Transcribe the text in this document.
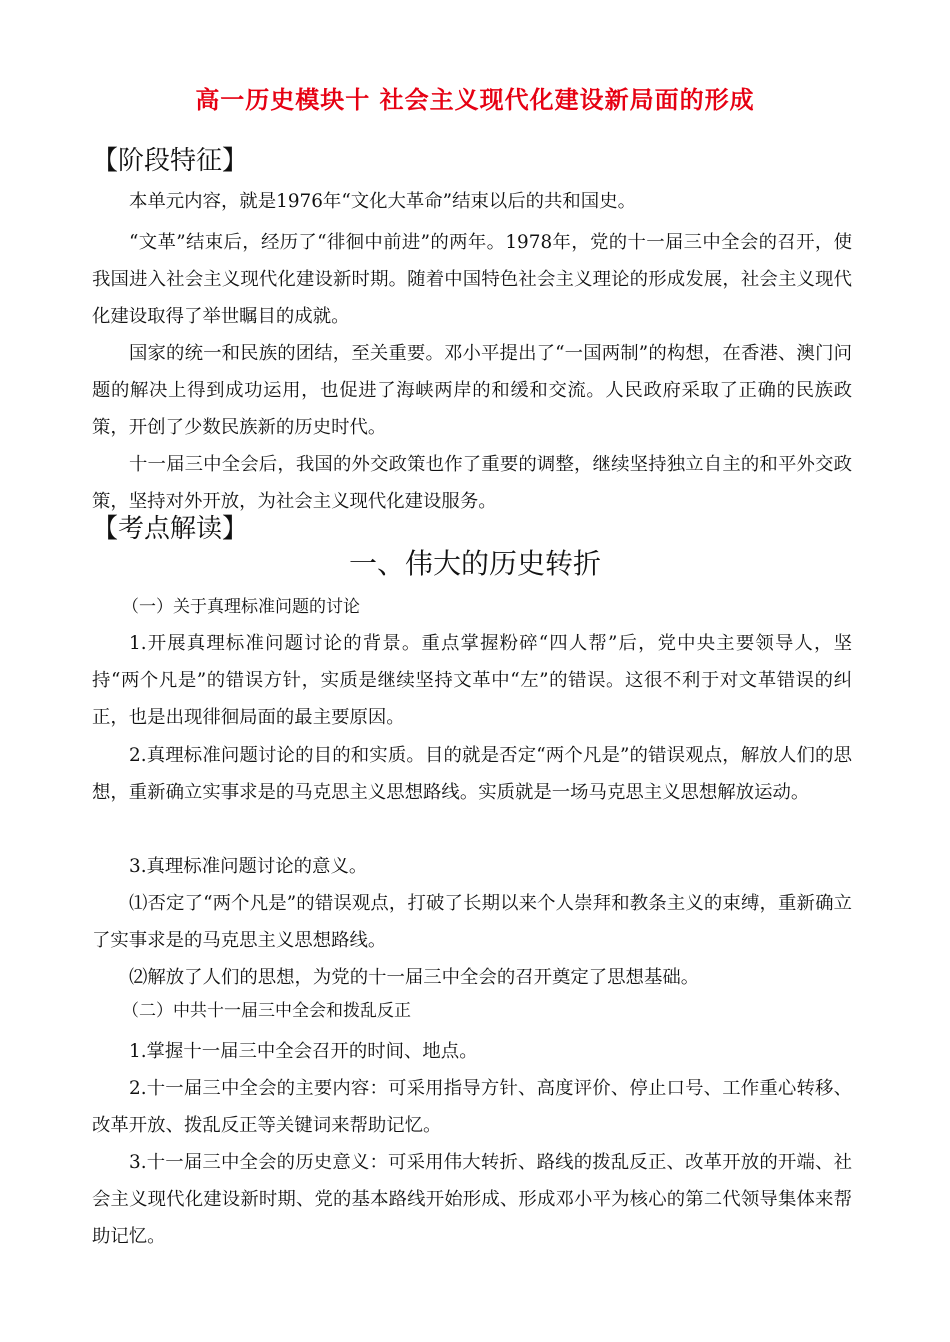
高一历史模块十 社会主义现代化建设新局面的形成
【阶段特征】

本单元内容，就是1976年“文化大革命”结束以后的共和国史。

“文革”结束后，经历了“徘徊中前进”的两年。1978年，党的十一届三中全会的召开，使我国进入社会主义现代化建设新时期。随着中国特色社会主义理论的形成发展，社会主义现代化建设取得了举世瞩目的成就。

国家的统一和民族的团结，至关重要。邓小平提出了“一国两制”的构想，在香港、澳门问题的解决上得到成功运用，也促进了海峡两岸的和缓和交流。人民政府采取了正确的民族政策，开创了少数民族新的历史时代。

十一届三中全会后，我国的外交政策也作了重要的调整，继续坚持独立自主的和平外交政策，坚持对外开放，为社会主义现代化建设服务。

【考点解读】
一、伟大的历史转折
（一）关于真理标准问题的讨论

1.开展真理标准问题讨论的背景。重点掌握粉碎“四人帮”后，党中央主要领导人，坚持“两个凡是”的错误方针，实质是继续坚持文革中“左”的错误。这很不利于对文革错误的纠正，也是出现徘徊局面的最主要原因。

2.真理标准问题讨论的目的和实质。目的就是否定“两个凡是”的错误观点，解放人们的思想，重新确立实事求是的马克思主义思想路线。实质就是一场马克思主义思想解放运动。

3.真理标准问题讨论的意义。

⑴否定了“两个凡是”的错误观点，打破了长期以来个人崇拜和教条主义的束缚，重新确立了实事求是的马克思主义思想路线。

⑵解放了人们的思想，为党的十一届三中全会的召开奠定了思想基础。

（二）中共十一届三中全会和拨乱反正

1.掌握十一届三中全会召开的时间、地点。

2.十一届三中全会的主要内容：可采用指导方针、高度评价、停止口号、工作重心转移、改革开放、拨乱反正等关键词来帮助记忆。

3.十一届三中全会的历史意义：可采用伟大转折、路线的拨乱反正、改革开放的开端、社会主义现代化建设新时期、党的基本路线开始形成、形成邓小平为核心的第二代领导集体来帮助记忆。
